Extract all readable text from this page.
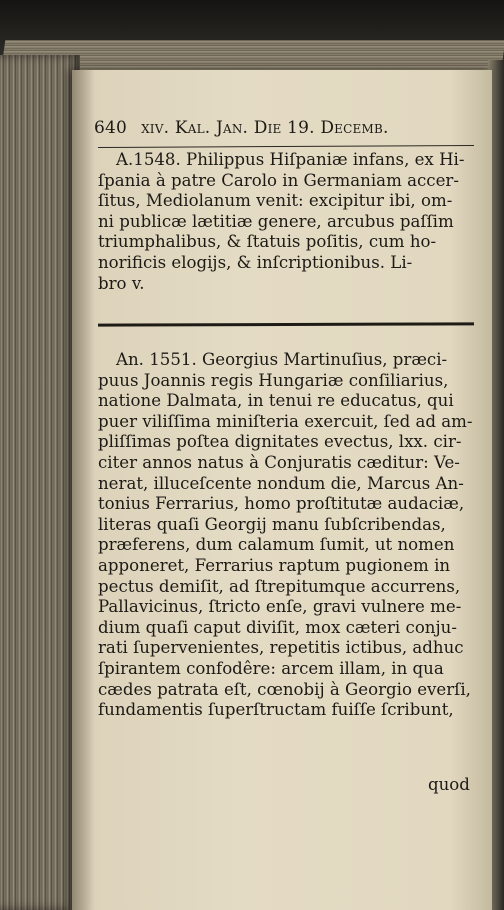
640 xiv. Kal. Jan. Die 19. Decemb.
A.1548. Philippus Hiſpaniæ infans, ex Hi-
ſpania à patre Carolo in Germaniam accer-
ſitus, Mediolanum venit: excipitur ibi, om-
ni publicæ lætitiæ genere, arcubus paſſim
triumphalibus, & ſtatuis poſitis, cum ho-
norificis elogijs, & inſcriptionibus. Li-
bro v.
An. 1551. Georgius Martinuſius, præci-
puus Joannis regis Hungariæ conſiliarius,
natione Dalmata, in tenui re educatus, qui
puer viliſſima miniſteria exercuit, ſed ad am-
pliſſimas poſtea dignitates evectus, lxx. cir-
citer annos natus à Conjuratis cæditur: Ve-
nerat, illuceſcente nondum die, Marcus An-
tonius Ferrarius, homo proſtitutæ audaciæ,
literas quaſi Georgij manu ſubſcribendas,
præferens, dum calamum ſumit, ut nomen
apponeret, Ferrarius raptum pugionem in
pectus demiſit, ad ſtrepitumque accurrens,
Pallavicinus, ſtricto enſe, gravi vulnere me-
dium quaſi caput diviſit, mox cæteri conju-
rati ſupervenientes, repetitis ictibus, adhuc
ſpirantem confodêre: arcem illam, in qua
cædes patrata eſt, cœnobij à Georgio everſi,
fundamentis ſuperſtructam fuiſſe ſcribunt,
quod
